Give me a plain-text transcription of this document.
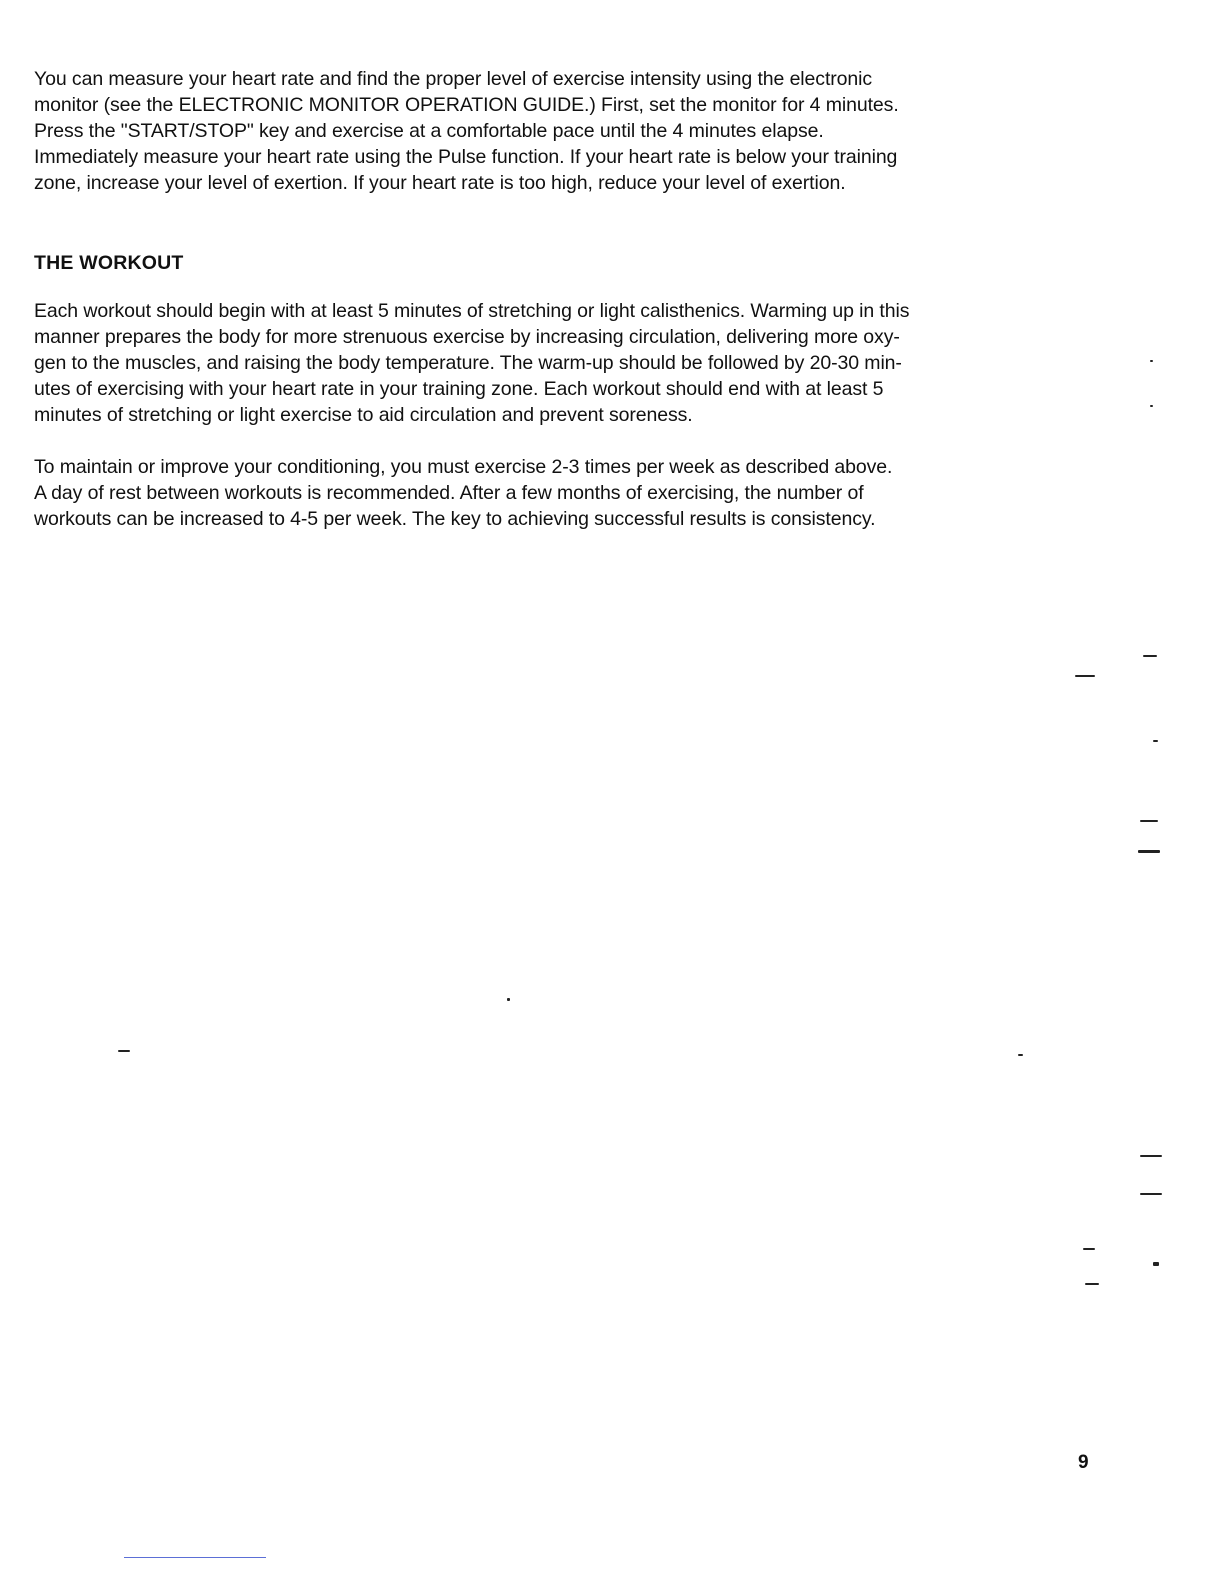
You can measure your heart rate and find the proper level of exercise intensity using the electronic
monitor (see the ELECTRONIC MONITOR OPERATION GUIDE.) First, set the monitor for 4 minutes.
Press the "START/STOP" key and exercise at a comfortable pace until the 4 minutes elapse.
Immediately measure your heart rate using the Pulse function. If your heart rate is below your training
zone, increase your level of exertion. If your heart rate is too high, reduce your level of exertion.

THE WORKOUT

Each workout should begin with at least 5 minutes of stretching or light calisthenics. Warming up in this
manner prepares the body for more strenuous exercise by increasing circulation, delivering more oxy-
gen to the muscles, and raising the body temperature. The warm-up should be followed by 20-30 min-
utes of exercising with your heart rate in your training zone. Each workout should end with at least 5
minutes of stretching or light exercise to aid circulation and prevent soreness.

To maintain or improve your conditioning, you must exercise 2-3 times per week as described above.
A day of rest between workouts is recommended. After a few months of exercising, the number of
workouts can be increased to 4-5 per week. The key to achieving successful results is consistency.

9
